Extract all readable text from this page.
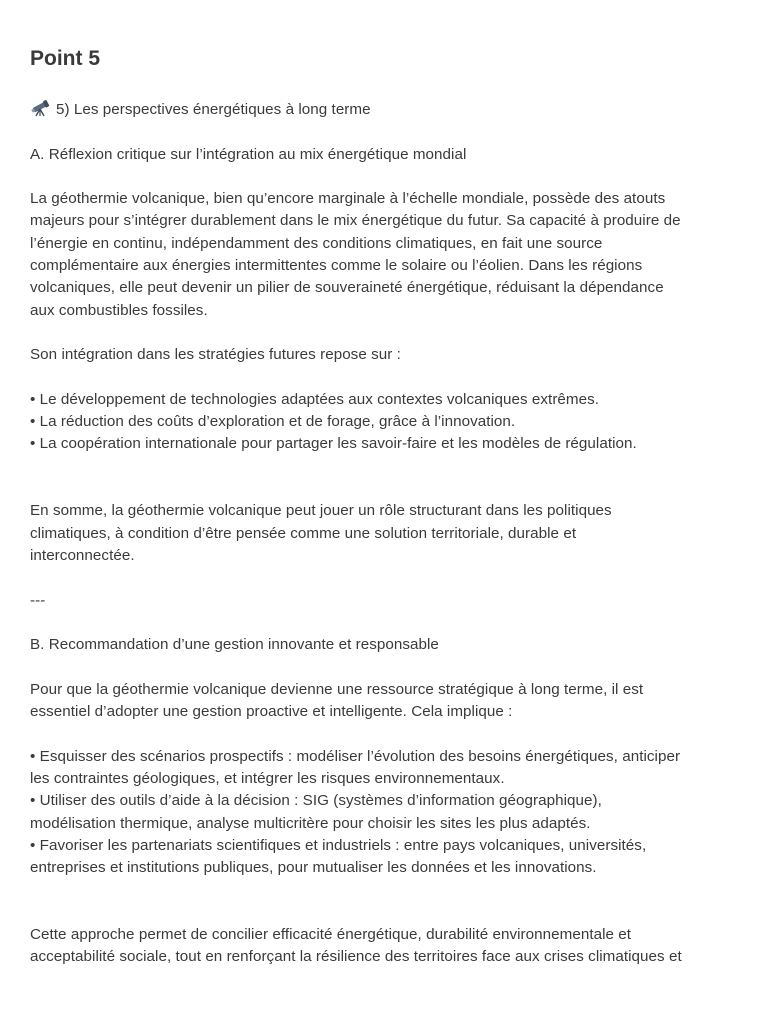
Point 5
5) Les perspectives énergétiques à long terme
A. Réflexion critique sur l’intégration au mix énergétique mondial
La géothermie volcanique, bien qu’encore marginale à l’échelle mondiale, possède des atouts
majeurs pour s’intégrer durablement dans le mix énergétique du futur. Sa capacité à produire de
l’énergie en continu, indépendamment des conditions climatiques, en fait une source
complémentaire aux énergies intermittentes comme le solaire ou l’éolien. Dans les régions
volcaniques, elle peut devenir un pilier de souveraineté énergétique, réduisant la dépendance
aux combustibles fossiles.
Son intégration dans les stratégies futures repose sur :
• Le développement de technologies adaptées aux contextes volcaniques extrêmes.
• La réduction des coûts d’exploration et de forage, grâce à l’innovation.
• La coopération internationale pour partager les savoir-faire et les modèles de régulation.
En somme, la géothermie volcanique peut jouer un rôle structurant dans les politiques
climatiques, à condition d’être pensée comme une solution territoriale, durable et
interconnectée.
---
B. Recommandation d’une gestion innovante et responsable
Pour que la géothermie volcanique devienne une ressource stratégique à long terme, il est
essentiel d’adopter une gestion proactive et intelligente. Cela implique :
• Esquisser des scénarios prospectifs : modéliser l’évolution des besoins énergétiques, anticiper
les contraintes géologiques, et intégrer les risques environnementaux.
• Utiliser des outils d’aide à la décision : SIG (systèmes d’information géographique),
modélisation thermique, analyse multicritère pour choisir les sites les plus adaptés.
• Favoriser les partenariats scientifiques et industriels : entre pays volcaniques, universités,
entreprises et institutions publiques, pour mutualiser les données et les innovations.
Cette approche permet de concilier efficacité énergétique, durabilité environnementale et
acceptabilité sociale, tout en renforçant la résilience des territoires face aux crises climatiques et
